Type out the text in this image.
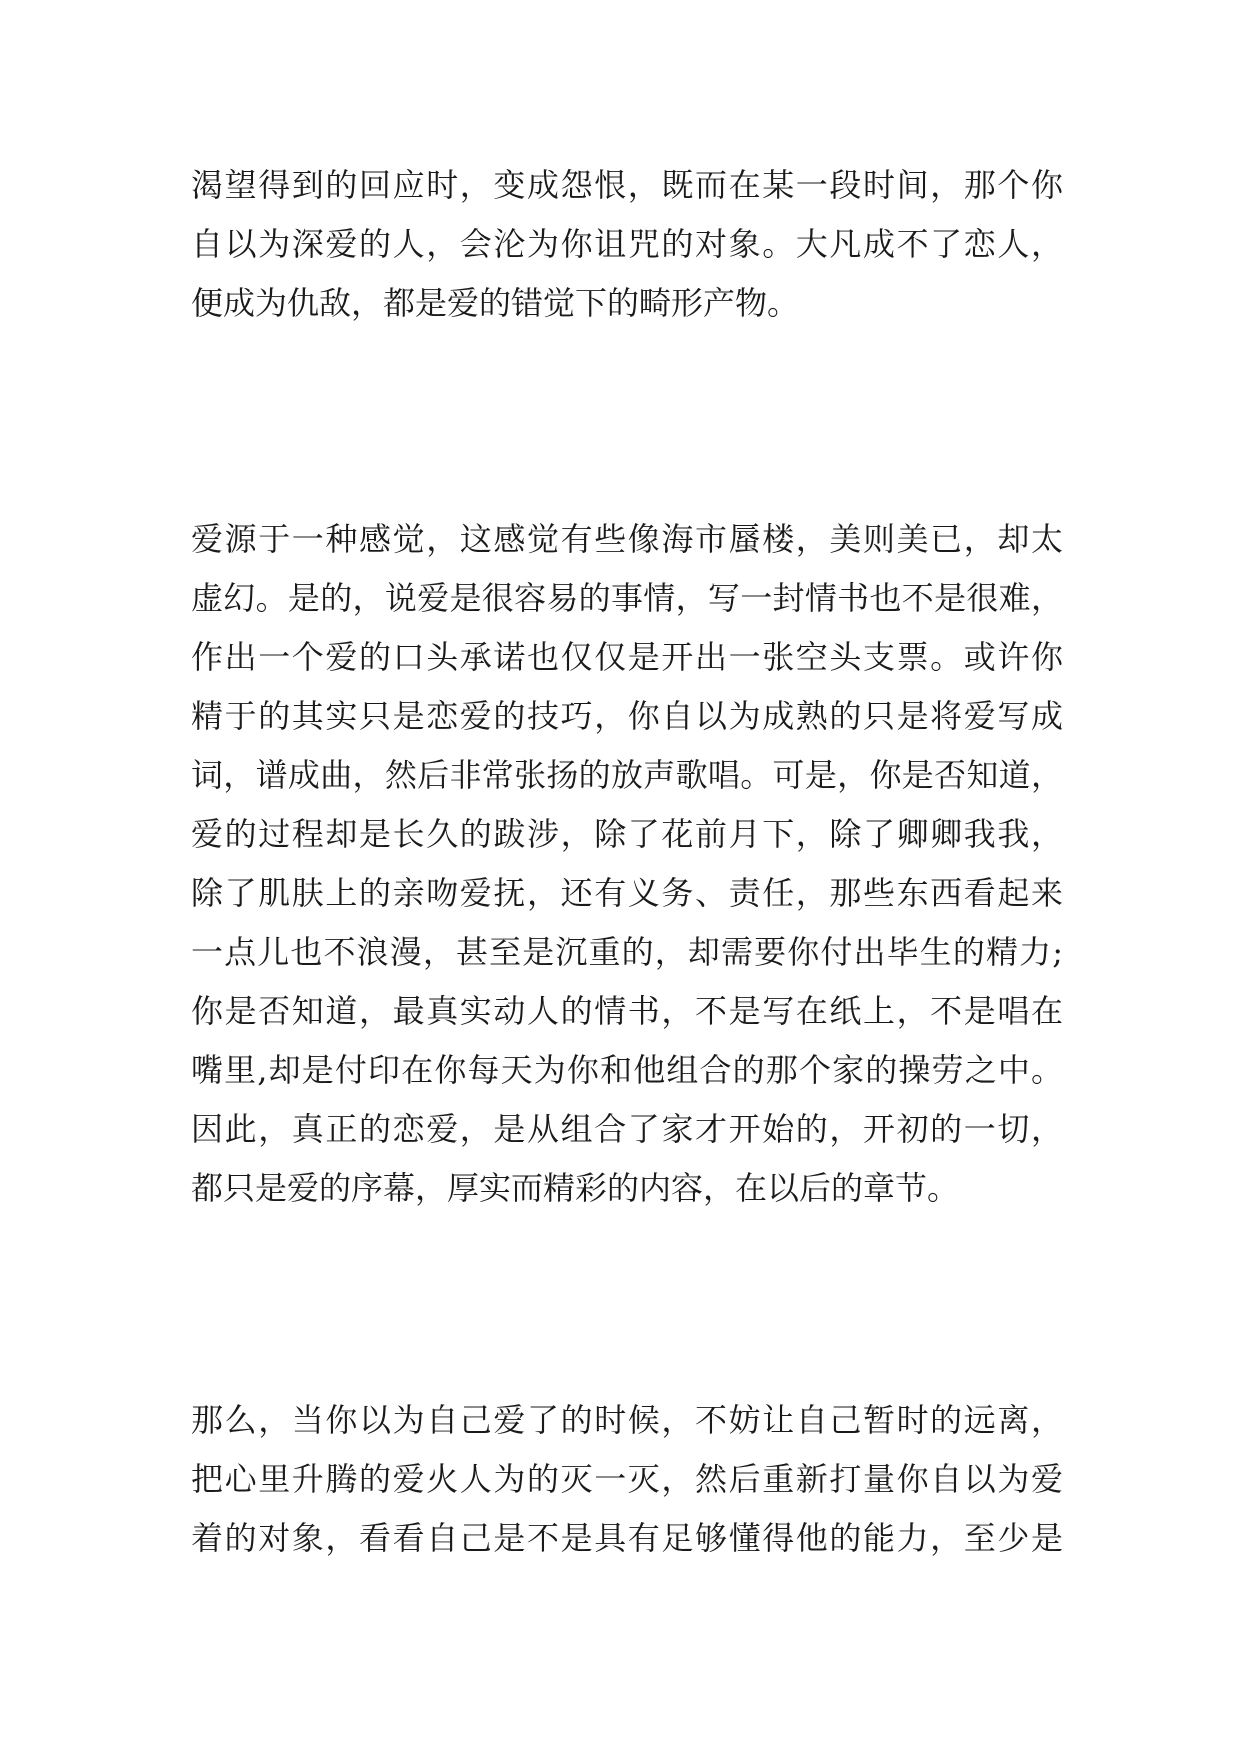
渴望得到的回应时，变成怨恨，既而在某一段时间，那个你
自以为深爱的人，会沦为你诅咒的对象。大凡成不了恋人，
便成为仇敌，都是爱的错觉下的畸形产物。
爱源于一种感觉，这感觉有些像海市蜃楼，美则美已，却太
虚幻。是的，说爱是很容易的事情，写一封情书也不是很难，
作出一个爱的口头承诺也仅仅是开出一张空头支票。或许你
精于的其实只是恋爱的技巧，你自以为成熟的只是将爱写成
词，谱成曲，然后非常张扬的放声歌唱。可是，你是否知道，
爱的过程却是长久的跋涉，除了花前月下，除了卿卿我我，
除了肌肤上的亲吻爱抚，还有义务、责任，那些东西看起来
一点儿也不浪漫，甚至是沉重的，却需要你付出毕生的精力;
你是否知道，最真实动人的情书，不是写在纸上，不是唱在
嘴里,却是付印在你每天为你和他组合的那个家的操劳之中。
因此，真正的恋爱，是从组合了家才开始的，开初的一切，
都只是爱的序幕，厚实而精彩的内容，在以后的章节。
那么，当你以为自己爱了的时候，不妨让自己暂时的远离，
把心里升腾的爱火人为的灭一灭，然后重新打量你自以为爱
着的对象，看看自己是不是具有足够懂得他的能力，至少是
